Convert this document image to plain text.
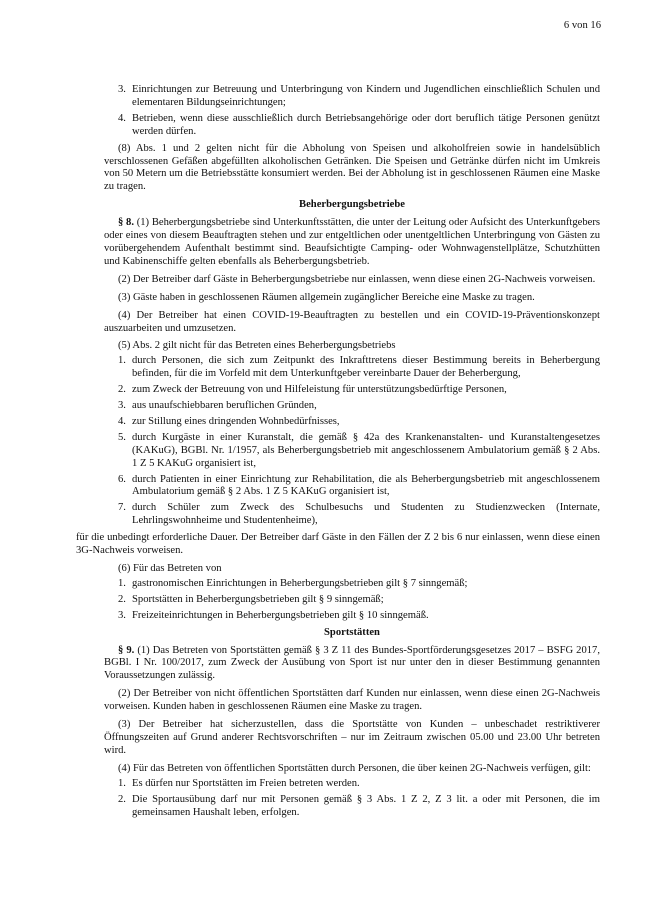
6 von 16
3. Einrichtungen zur Betreuung und Unterbringung von Kindern und Jugendlichen einschließlich Schulen und elementaren Bildungseinrichtungen;
4. Betrieben, wenn diese ausschließlich durch Betriebsangehörige oder dort beruflich tätige Personen genützt werden dürfen.

(8) Abs. 1 und 2 gelten nicht für die Abholung von Speisen und alkoholfreien sowie in handelsüblich verschlossenen Gefäßen abgefüllten alkoholischen Getränken. Die Speisen und Getränke dürfen nicht im Umkreis von 50 Metern um die Betriebsstätte konsumiert werden. Bei der Abholung ist in geschlossenen Räumen eine Maske zu tragen.

Beherbergungsbetriebe

§ 8. (1) Beherbergungsbetriebe sind Unterkunftsstätten, die unter der Leitung oder Aufsicht des Unterkunftgebers oder eines von diesem Beauftragten stehen und zur entgeltlichen oder unentgeltlichen Unterbringung von Gästen zu vorübergehendem Aufenthalt bestimmt sind. Beaufsichtigte Camping- oder Wohnwagenstellplätze, Schutzhütten und Kabinenschiffe gelten ebenfalls als Beherbergungsbetrieb.

(2) Der Betreiber darf Gäste in Beherbergungsbetriebe nur einlassen, wenn diese einen 2G-Nachweis vorweisen.

(3) Gäste haben in geschlossenen Räumen allgemein zugänglicher Bereiche eine Maske zu tragen.

(4) Der Betreiber hat einen COVID-19-Beauftragten zu bestellen und ein COVID-19-Präventionskonzept auszuarbeiten und umzusetzen.

(5) Abs. 2 gilt nicht für das Betreten eines Beherbergungsbetriebs

1. durch Personen, die sich zum Zeitpunkt des Inkrafttretens dieser Bestimmung bereits in Beherbergung befinden, für die im Vorfeld mit dem Unterkunftgeber vereinbarte Dauer der Beherbergung,
2. zum Zweck der Betreuung von und Hilfeleistung für unterstützungsbedürftige Personen,
3. aus unaufschiebbaren beruflichen Gründen,
4. zur Stillung eines dringenden Wohnbedürfnisses,
5. durch Kurgäste in einer Kuranstalt, die gemäß § 42a des Krankenanstalten- und Kuranstaltengesetzes (KAKuG), BGBl. Nr. 1/1957, als Beherbergungsbetrieb mit angeschlossenem Ambulatorium gemäß § 2 Abs. 1 Z 5 KAKuG organisiert ist,
6. durch Patienten in einer Einrichtung zur Rehabilitation, die als Beherbergungsbetrieb mit angeschlossenem Ambulatorium gemäß § 2 Abs. 1 Z 5 KAKuG organisiert ist,
7. durch Schüler zum Zweck des Schulbesuchs und Studenten zu Studienzwecken (Internate, Lehrlingswohnheime und Studentenheime),

für die unbedingt erforderliche Dauer. Der Betreiber darf Gäste in den Fällen der Z 2 bis 6 nur einlassen, wenn diese einen 3G-Nachweis vorweisen.

(6) Für das Betreten von

1. gastronomischen Einrichtungen in Beherbergungsbetrieben gilt § 7 sinngemäß;
2. Sportstätten in Beherbergungsbetrieben gilt § 9 sinngemäß;
3. Freizeiteinrichtungen in Beherbergungsbetrieben gilt § 10 sinngemäß.
Sportstätten

§ 9. (1) Das Betreten von Sportstätten gemäß § 3 Z 11 des Bundes-Sportförderungsgesetzes 2017 – BSFG 2017, BGBl. I Nr. 100/2017, zum Zweck der Ausübung von Sport ist nur unter den in dieser Bestimmung genannten Voraussetzungen zulässig.

(2) Der Betreiber von nicht öffentlichen Sportstätten darf Kunden nur einlassen, wenn diese einen 2G-Nachweis vorweisen. Kunden haben in geschlossenen Räumen eine Maske zu tragen.

(3) Der Betreiber hat sicherzustellen, dass die Sportstätte von Kunden – unbeschadet restriktiverer Öffnungszeiten auf Grund anderer Rechtsvorschriften – nur im Zeitraum zwischen 05.00 und 23.00 Uhr betreten wird.

(4) Für das Betreten von öffentlichen Sportstätten durch Personen, die über keinen 2G-Nachweis verfügen, gilt:

1. Es dürfen nur Sportstätten im Freien betreten werden.
2. Die Sportausübung darf nur mit Personen gemäß § 3 Abs. 1 Z 2, Z 3 lit. a oder mit Personen, die im gemeinsamen Haushalt leben, erfolgen.
